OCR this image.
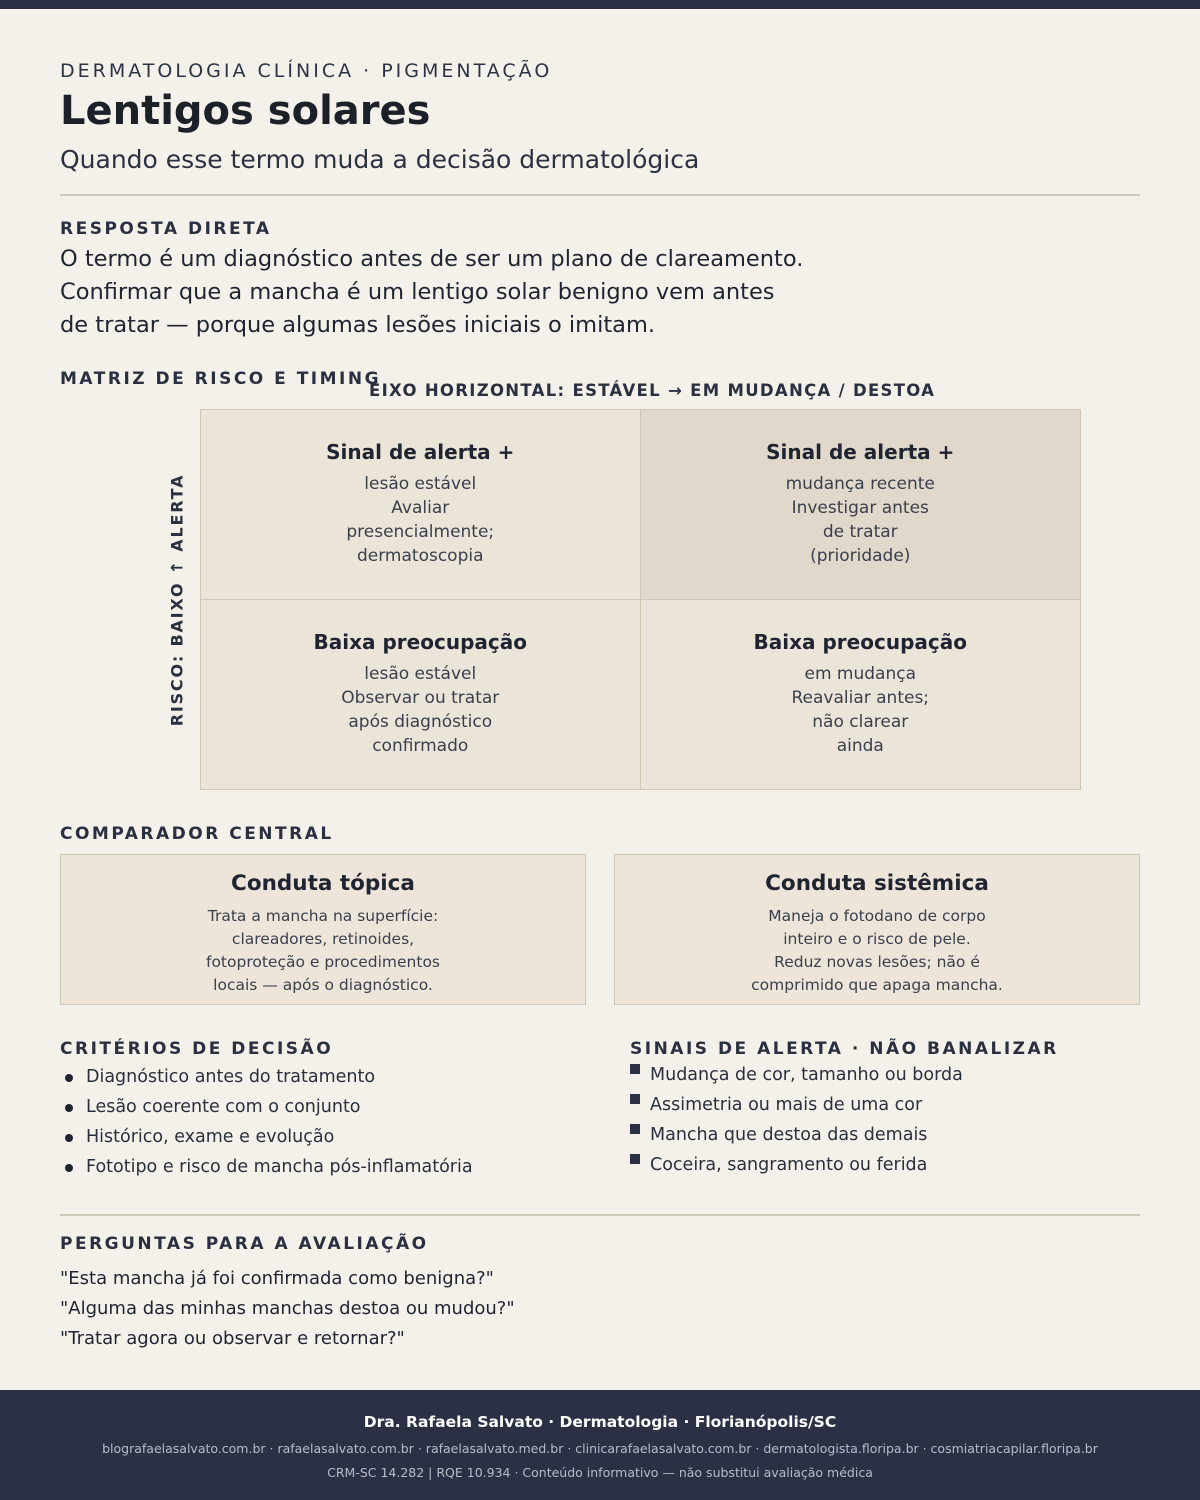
DERMATOLOGIA CLÍNICA · PIGMENTAÇÃO
Lentigos solares
Quando esse termo muda a decisão dermatológica
RESPOSTA DIRETA
O termo é um diagnóstico antes de ser um plano de clareamento.
Confirmar que a mancha é um lentigo solar benigno vem antes
de tratar — porque algumas lesões iniciais o imitam.
MATRIZ DE RISCO E TIMING
EIXO HORIZONTAL: ESTÁVEL → EM MUDANÇA / DESTOA
RISCO: BAIXO ↑ ALERTA
Sinal de alerta +
lesão estável
Avaliar
presencialmente;
dermatoscopia
Sinal de alerta +
mudança recente
Investigar antes
de tratar
(prioridade)
Baixa preocupação
lesão estável
Observar ou tratar
após diagnóstico
confirmado
Baixa preocupação
em mudança
Reavaliar antes;
não clarear
ainda
COMPARADOR CENTRAL
Conduta tópica
Trata a mancha na superfície:
clareadores, retinoides,
fotoproteção e procedimentos
locais — após o diagnóstico.
Conduta sistêmica
Maneja o fotodano de corpo
inteiro e o risco de pele.
Reduz novas lesões; não é
comprimido que apaga mancha.
CRITÉRIOS DE DECISÃO
Diagnóstico antes do tratamento
Lesão coerente com o conjunto
Histórico, exame e evolução
Fototipo e risco de mancha pós-inflamatória
SINAIS DE ALERTA · NÃO BANALIZAR
Mudança de cor, tamanho ou borda
Assimetria ou mais de uma cor
Mancha que destoa das demais
Coceira, sangramento ou ferida
PERGUNTAS PARA A AVALIAÇÃO
"Esta mancha já foi confirmada como benigna?"
"Alguma das minhas manchas destoa ou mudou?"
"Tratar agora ou observar e retornar?"
Dra. Rafaela Salvato · Dermatologia · Florianópolis/SC
blografaelasalvato.com.br · rafaelasalvato.com.br · rafaelasalvato.med.br · clinicarafaelasalvato.com.br · dermatologista.floripa.br · cosmiatriacapilar.floripa.br
CRM-SC 14.282 | RQE 10.934 · Conteúdo informativo — não substitui avaliação médica
